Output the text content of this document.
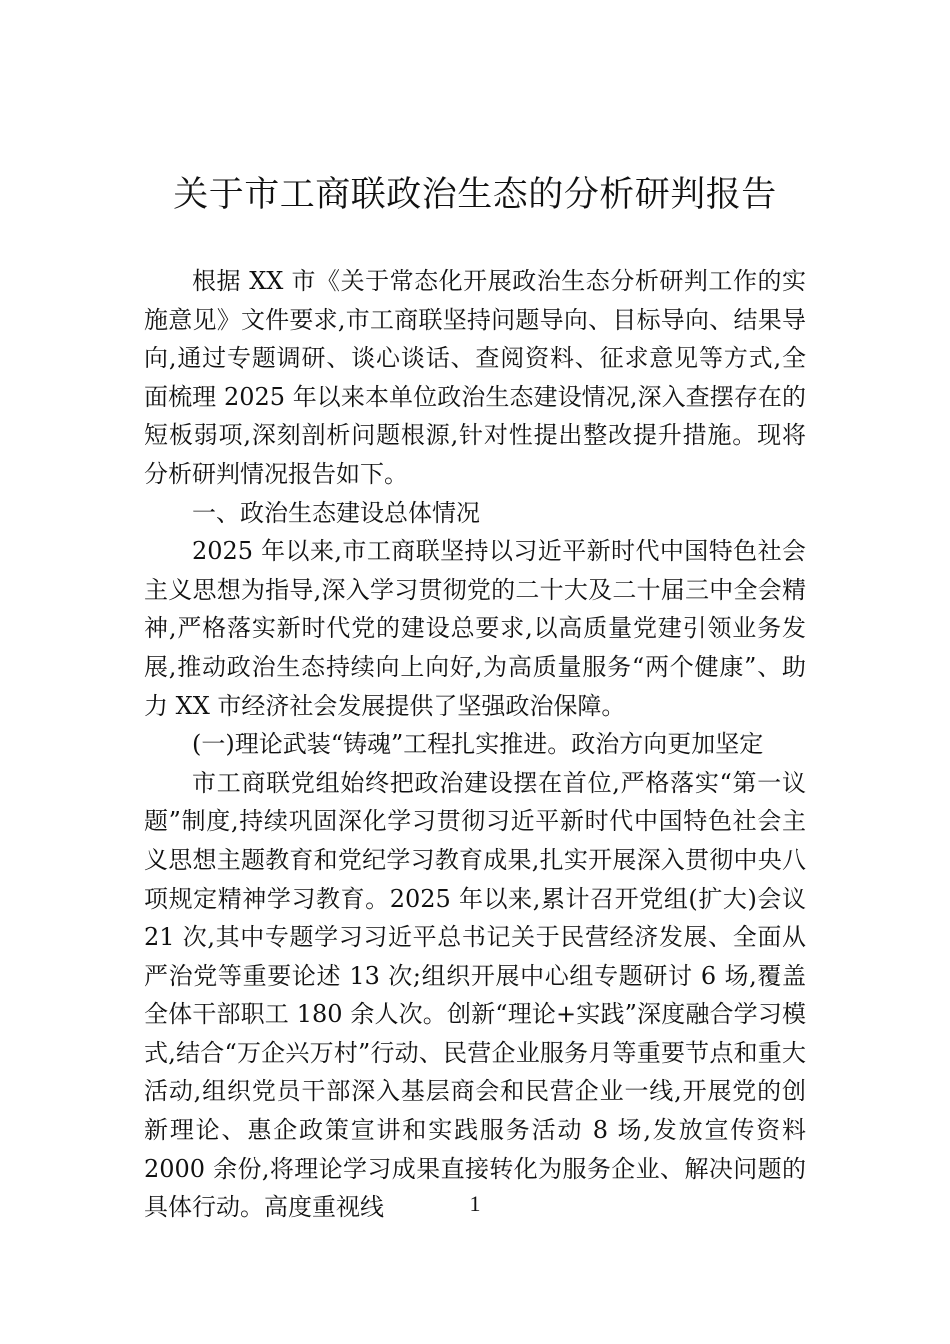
关于市工商联政治生态的分析研判报告

根据 XX 市《关于常态化开展政治生态分析研判工作的实施意见》文件要求,市工商联坚持问题导向、目标导向、结果导向,通过专题调研、谈心谈话、查阅资料、征求意见等方式,全面梳理 2025 年以来本单位政治生态建设情况,深入查摆存在的短板弱项,深刻剖析问题根源,针对性提出整改提升措施。现将分析研判情况报告如下。

一、政治生态建设总体情况

2025 年以来,市工商联坚持以习近平新时代中国特色社会主义思想为指导,深入学习贯彻党的二十大及二十届三中全会精神,严格落实新时代党的建设总要求,以高质量党建引领业务发展,推动政治生态持续向上向好,为高质量服务“两个健康”、助力 XX 市经济社会发展提供了坚强政治保障。

(一)理论武装“铸魂”工程扎实推进。政治方向更加坚定

市工商联党组始终把政治建设摆在首位,严格落实“第一议题”制度,持续巩固深化学习贯彻习近平新时代中国特色社会主义思想主题教育和党纪学习教育成果,扎实开展深入贯彻中央八项规定精神学习教育。2025 年以来,累计召开党组(扩大)会议 21 次,其中专题学习习近平总书记关于民营经济发展、全面从严治党等重要论述 13 次;组织开展中心组专题研讨 6 场,覆盖全体干部职工 180 余人次。创新“理论+实践”深度融合学习模式,结合“万企兴万村”行动、民营企业服务月等重要节点和重大活动,组织党员干部深入基层商会和民营企业一线,开展党的创新理论、惠企政策宣讲和实践服务活动 8 场,发放宣传资料 2000 余份,将理论学习成果直接转化为服务企业、解决问题的具体行动。高度重视线	1
